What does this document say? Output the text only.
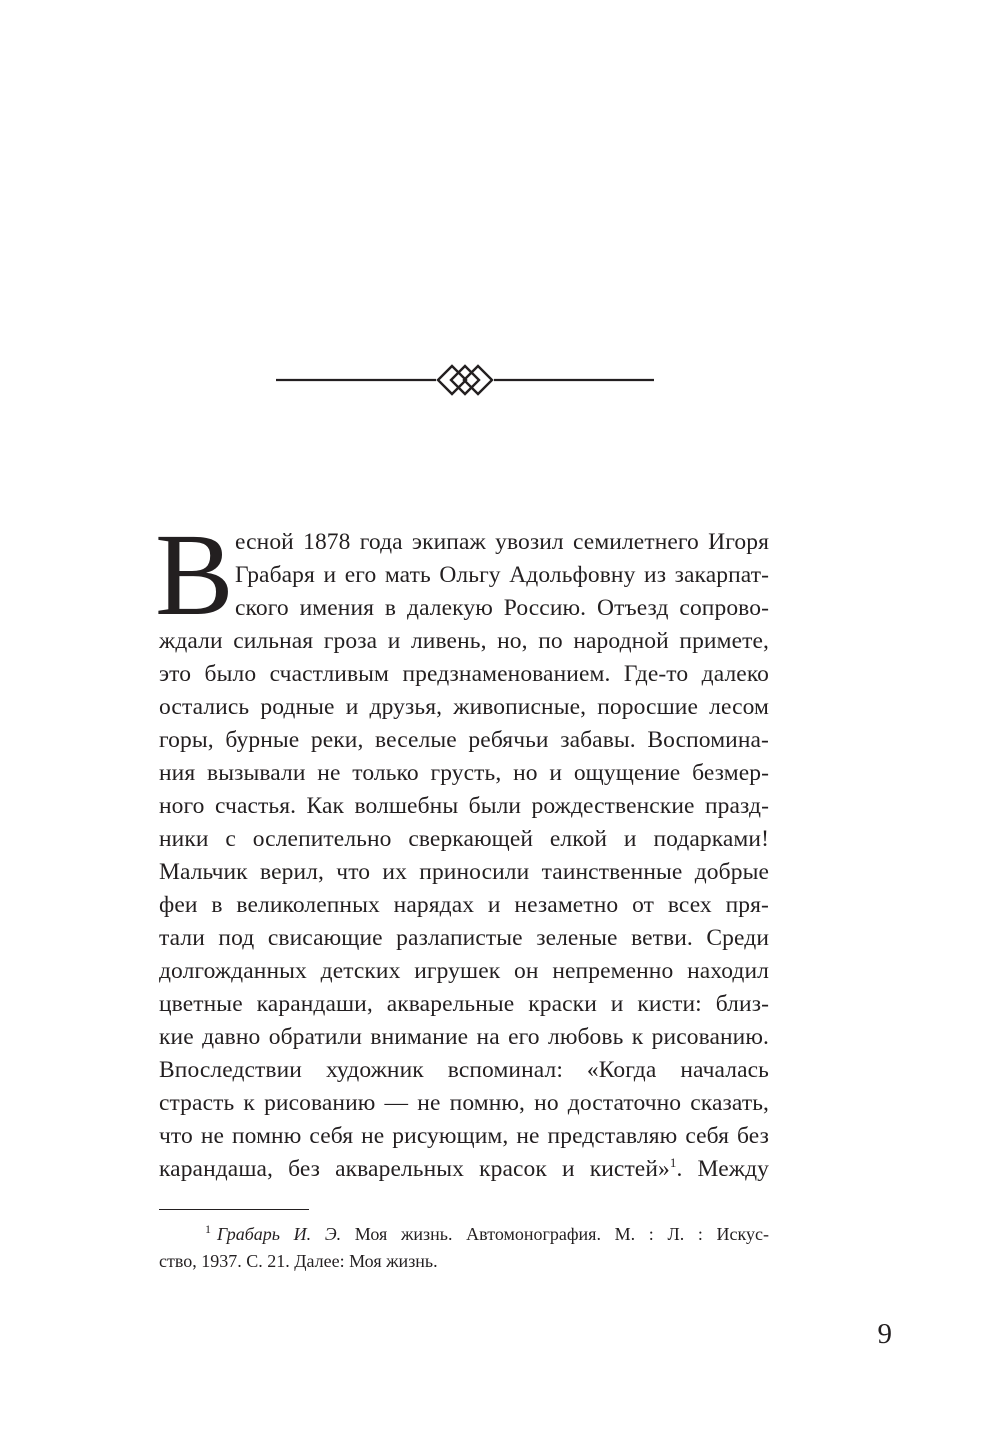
В есной 1878 года экипаж увозил семилетнего Игоря
Грабаря и его мать Ольгу Адольфовну из закарпат-
ского имения в далекую Россию. Отъезд сопрово-
ждали сильная гроза и ливень, но, по народной примете,
это было счастливым предзнаменованием. Где-то далеко
остались родные и друзья, живописные, поросшие лесом
горы, бурные реки, веселые ребячьи забавы. Воспомина-
ния вызывали не только грусть, но и ощущение безмер-
ного счастья. Как волшебны были рождественские празд-
ники с ослепительно сверкающей елкой и подарками!
Мальчик верил, что их приносили таинственные добрые
феи в великолепных нарядах и незаметно от всех пря-
тали под свисающие разлапистые зеленые ветви. Среди
долгожданных детских игрушек он непременно находил
цветные карандаши, акварельные краски и кисти: близ-
кие давно обратили внимание на его любовь к рисованию.
Впоследствии художник вспоминал: «Когда началась
страсть к рисованию — не помню, но достаточно сказать,
что не помню себя не рисующим, не представляю себя без
карандаша, без акварельных красок и кистей»$^1$. Между
$^1$ Грабарь И. Э. Моя жизнь. Автомонография. М. : Л. : Искус-
ство, 1937. С. 21. Далее: Моя жизнь.
9
